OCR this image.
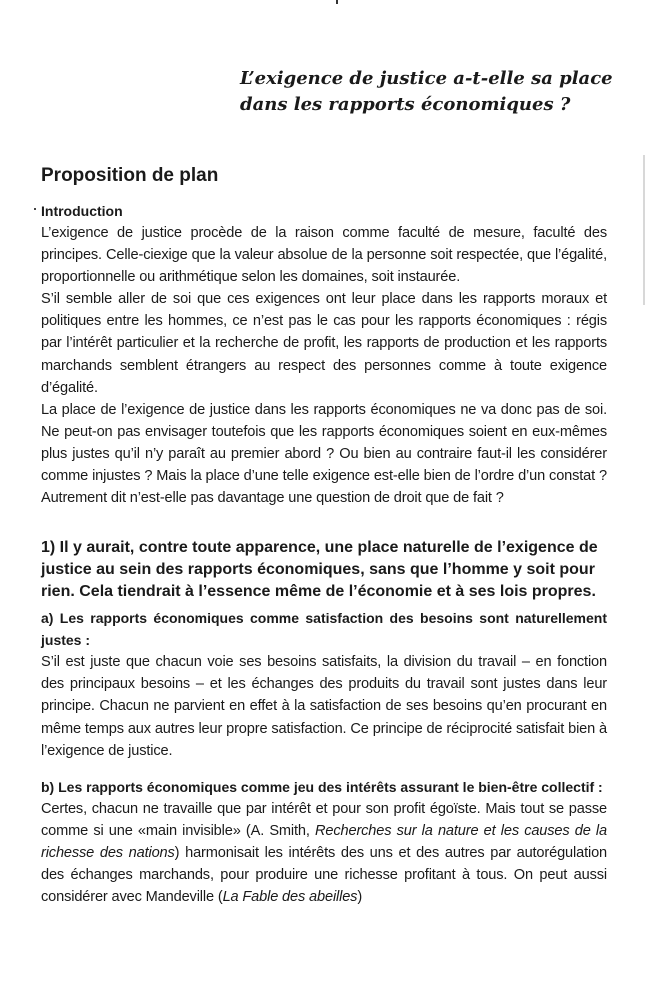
L’exigence de justice a-t-elle sa place
dans les rapports économiques ?
Proposition de plan
Introduction

L’exigence de justice procède de la raison comme faculté de mesure, faculté des principes. Celle-ciexige que la valeur absolue de la personne soit respectée, que l’égalité, proportionnelle ou arithmétique selon les domaines, soit instaurée.

S’il semble aller de soi que ces exigences ont leur place dans les rapports moraux et politiques entre les hommes, ce n’est pas le cas pour les rapports économiques : régis par l’intérêt particulier et la recherche de profit, les rapports de production et les rapports marchands semblent étrangers au respect des personnes comme à toute exigence d’égalité.

La place de l’exigence de justice dans les rapports économiques ne va donc pas de soi. Ne peut-on pas envisager toutefois que les rapports économiques soient en eux-mêmes plus justes qu’il n’y paraît au premier abord ? Ou bien au contraire faut-il les considérer comme injustes ? Mais la place d’une telle exigence est-elle bien de l’ordre d’un constat ? Autrement dit n’est-elle pas davantage une question de droit que de fait ?

1) Il y aurait, contre toute apparence, une place naturelle de l’exigence de justice au sein des rapports économiques, sans que l’homme y soit pour rien. Cela tiendrait à l’essence même de l’économie et à ses lois propres.
a) Les rapports économiques comme satisfaction des besoins sont naturellement justes :

S’il est juste que chacun voie ses besoins satisfaits, la division du travail – en fonction des principaux besoins – et les échanges des produits du travail sont justes dans leur principe. Chacun ne parvient en effet à la satisfaction de ses besoins qu’en procurant en même temps aux autres leur propre satisfaction. Ce principe de réciprocité satisfait bien à l’exigence de justice.

b) Les rapports économiques comme jeu des intérêts assurant le bien-être collectif :

Certes, chacun ne travaille que par intérêt et pour son profit égoïste. Mais tout se passe comme si une «main invisible» (A. Smith, Recherches sur la nature et les causes de la richesse des nations) harmonisait les intérêts des uns et des autres par autorégulation des échanges marchands, pour produire une richesse profitant à tous. On peut aussi considérer avec Mandeville (La Fable des abeilles)
